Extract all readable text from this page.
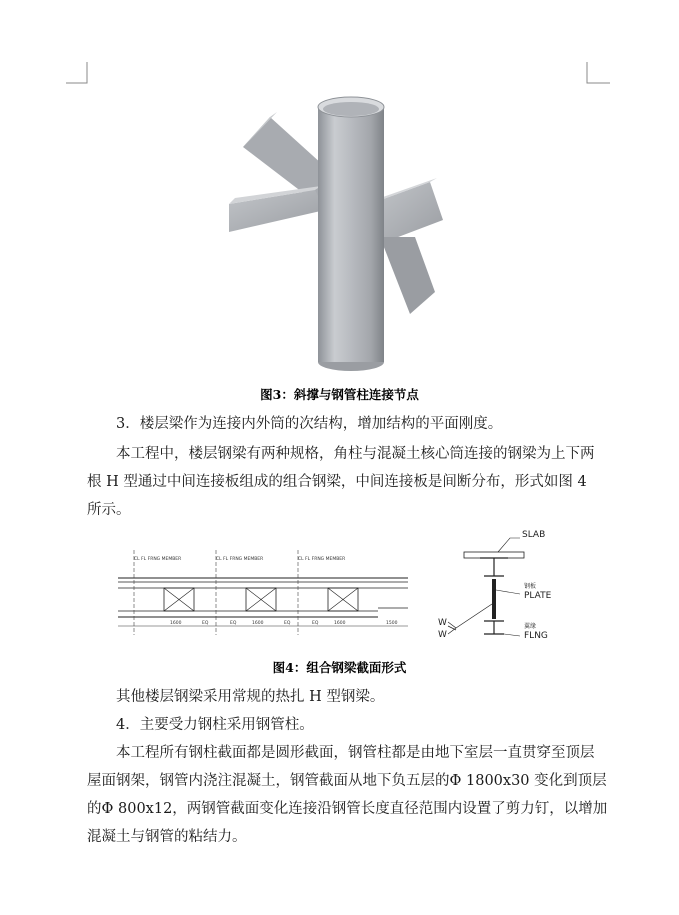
图3：斜撑与钢管柱连接节点
3．楼层梁作为连接内外筒的次结构，增加结构的平面刚度。
本工程中，楼层钢梁有两种规格，角柱与混凝土核心筒连接的钢梁为上下两
根 H 型通过中间连接板组成的组合钢梁，中间连接板是间断分布，形式如图 4
所示。
CL FL FRNG MEMBER	CL FL FRNG MEMBER	CL FL FRNG MEMBER
1600	EQ	EQ	1600	EQ	EQ	1600	1500
SLAB
钢板
PLATE
翼缘
FLNG
W
W
图4：组合钢梁截面形式
其他楼层钢梁采用常规的热扎 H 型钢梁。
4．主要受力钢柱采用钢管柱。
本工程所有钢柱截面都是圆形截面，钢管柱都是由地下室层一直贯穿至顶层
屋面钢架，钢管内浇注混凝土，钢管截面从地下负五层的Φ 1800x30 变化到顶层
的Φ 800x12，两钢管截面变化连接沿钢管长度直径范围内设置了剪力钉，以增加
混凝土与钢管的粘结力。
